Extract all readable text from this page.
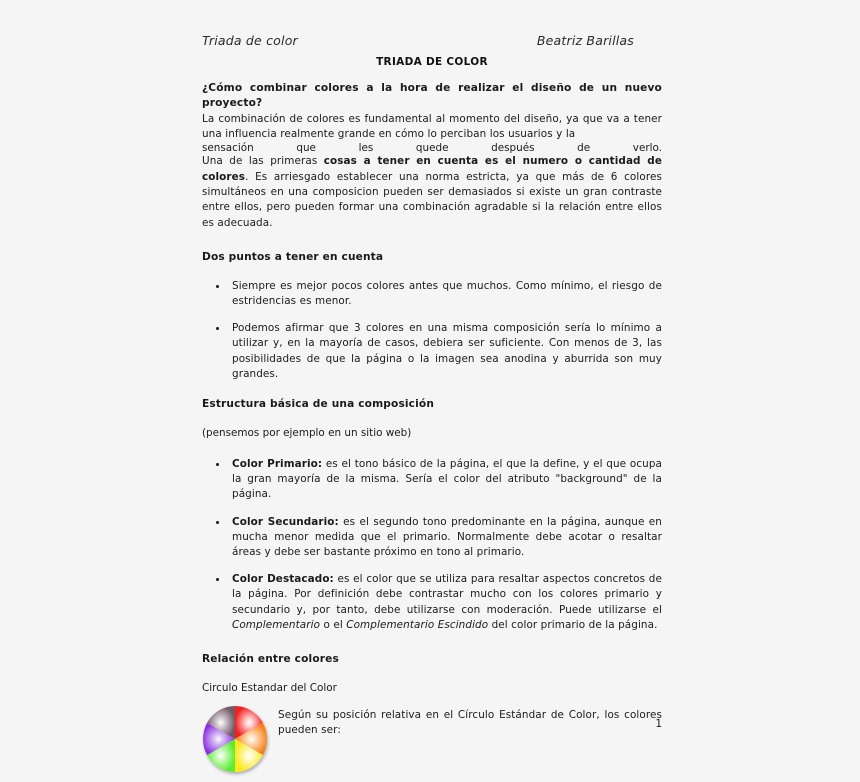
Triada de color	Beatriz Barillas
TRIADA DE COLOR
¿Cómo combinar colores a la hora de realizar el diseño de un nuevo
proyecto?

La combinación de colores es fundamental al momento del diseño, ya que va a tener una influencia realmente grande en cómo lo perciban los usuarios y la

sensación	que	les	quede	después	de	verlo.

Una de las primeras cosas a tener en cuenta es el numero o cantidad de colores. Es arriesgado establecer una norma estricta, ya que más de 6 colores simultáneos en una composicion pueden ser demasiados si existe un gran contraste entre ellos, pero pueden formar una combinación agradable si la relación entre ellos es adecuada.

Dos puntos a tener en cuenta
Siempre es mejor pocos colores antes que muchos. Como mínimo, el riesgo de estridencias es menor.
Podemos afirmar que 3 colores en una misma composición sería lo mínimo a utilizar y, en la mayoría de casos, debiera ser suficiente. Con menos de 3, las posibilidades de que la página o la imagen sea anodina y aburrida son muy grandes.
Estructura básica de una composición

(pensemos por ejemplo en un sitio web)

Color Primario: es el tono básico de la página, el que la define, y el que ocupa la gran mayoría de la misma. Sería el color del atributo "background" de la página.
Color Secundario: es el segundo tono predominante en la página, aunque en mucha menor medida que el primario. Normalmente debe acotar o resaltar áreas y debe ser bastante próximo en tono al primario.
Color Destacado: es el color que se utiliza para resaltar aspectos concretos de la página. Por definición debe contrastar mucho con los colores primario y secundario y, por tanto, debe utilizarse con moderación. Puede utilizarse el Complementario o el Complementario Escindido del color primario de la página.
Relación entre colores

Circulo Estandar del Color

Según su posición relativa en el Círculo Estándar de Color, los colores pueden ser:
1
